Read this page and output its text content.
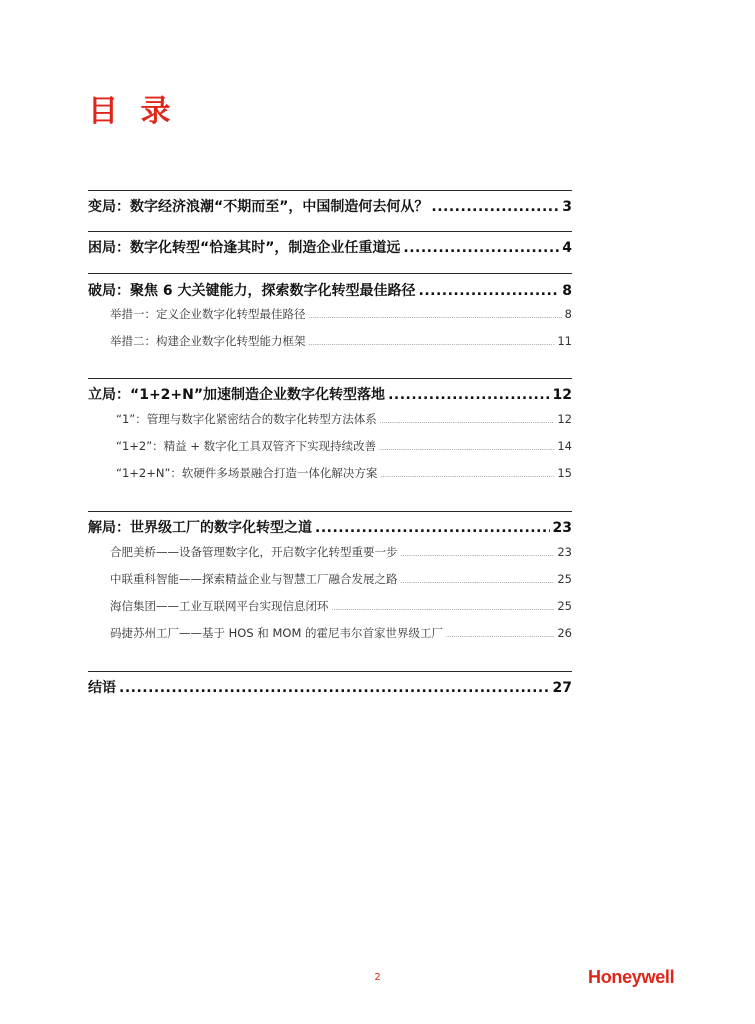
目 录
变局：数字经济浪潮“不期而至”，中国制造何去何从？ .....	3
困局：数字化转型“恰逢其时”，制造企业任重道远 .....	4
破局：聚焦 6 大关键能力，探索数字化转型最佳路径 .....	8
举措一：定义企业数字化转型最佳路径 .....	8
举措二：构建企业数字化转型能力框架 .....	11
立局：“1+2+N”加速制造企业数字化转型落地 .....	12
“1”：管理与数字化紧密结合的数字化转型方法体系 .....	12
“1+2”：精益 + 数字化工具双管齐下实现持续改善 .....	14
“1+2+N”：软硬件多场景融合打造一体化解决方案 .....	15
解局：世界级工厂的数字化转型之道 .....	23
合肥美桥——设备管理数字化，开启数字化转型重要一步 .....	23
中联重科智能——探索精益企业与智慧工厂融合发展之路 .....	25
海信集团——工业互联网平台实现信息闭环 .....	25
码捷苏州工厂——基于 HOS 和 MOM 的霍尼韦尔首家世界级工厂 .....	26
结语 .....	27
2	Honeywell
